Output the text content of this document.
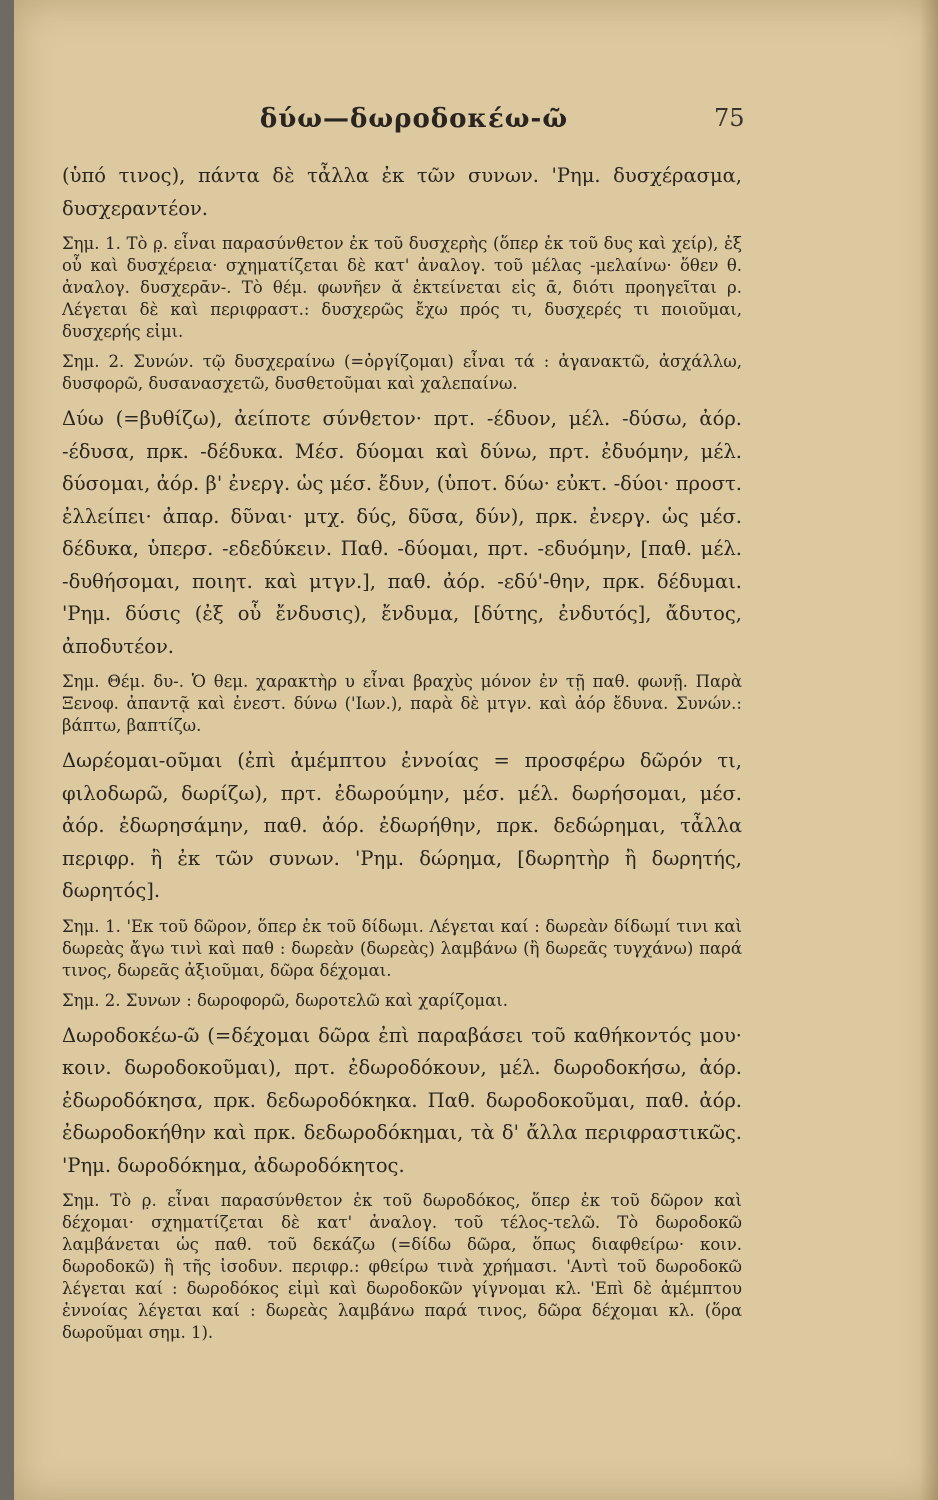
δύω—δωροδοκέω-ῶ	75

(ὑπό τινος), πάντα δὲ τἆλλα ἐκ τῶν συνων. 'Ρημ. δυσχέρασμα, δυσχεραντέον.

Σημ. 1. Τὸ ρ̣. εἶναι παρασύνθετον ἐκ τοῦ δυσχερὴς (ὅπερ ἐκ τοῦ δυς καὶ χείρ), ἐξ οὗ καὶ δυσχέρεια· σχηματίζεται δὲ κατ' ἀναλογ. τοῦ μέλας -μελαίνω· ὅθεν θ. ἀναλογ. δυσχερᾱν-. Τὸ θέμ. φωνῆεν ᾰ ἐκτείνεται εἰς ᾱ, διότι προηγεῖται ρ. Λέγεται δὲ καὶ περιφραστ.: δυσχερῶς ἔχω πρός τι, δυσχερές τι ποιοῦμαι, δυσχερής εἰμι.

Σημ. 2. Συνών. τῷ δυσχεραίνω (=ὀργίζομαι) εἶναι τά : ἀγανακτῶ, ἀσχάλλω, δυσφορῶ, δυσανασχετῶ, δυσθετοῦμαι καὶ χαλεπαίνω.

Δύω (=βυθίζω), ἀείποτε σύνθετον· πρτ. -έδυον, μέλ. -δύσω, ἀόρ. -έδυσα, πρκ. -δέδυκα. Μέσ. δύομαι καὶ δύνω, πρτ. ἐδυόμην, μέλ. δύσομαι, ἀόρ. β' ἐνεργ. ὡς μέσ. ἔδυν, (ὑποτ. δύω· εὐκτ. -δύοι· προστ. ἐλλείπει· ἀπαρ. δῦναι· μτχ. δύς, δῦσα, δύν), πρκ. ἐνεργ. ὡς μέσ. δέδυκα, ὑπερσ. -εδεδύκειν. Παθ. -δύομαι, πρτ. -εδυόμην, [παθ. μέλ. -δυθήσομαι, ποιητ. καὶ μτγν.], παθ. ἀόρ. -εδύ'-θην, πρκ. δέδυμαι. 'Ρημ. δύσις (ἐξ οὗ ἔνδυσις), ἔνδυμα, [δύτης, ἐνδυτός], ἄδυτος, ἀποδυτέον.

Σημ. Θέμ. δυ-. Ὁ θεμ. χαρακτὴρ υ εἶναι βραχὺς μόνον ἐν τῇ παθ. φωνῇ. Παρὰ Ξενοφ. ἀπαντᾷ καὶ ἐνεστ. δύνω ('Ιων.), παρὰ δὲ μτγν. καὶ ἀόρ ἔδυνα. Συνών.: βάπτω, βαπτίζω.

Δωρέομαι-οῦμαι (ἐπὶ ἀμέμπτου ἐννοίας = προσφέρω δῶρόν τι, φιλοδωρῶ, δωρίζω), πρτ. ἐδωρούμην, μέσ. μέλ. δωρήσομαι, μέσ. ἀόρ. ἐδωρησάμην, παθ. ἀόρ. ἐδωρήθην, πρκ. δεδώρημαι, τἆλλα περιφρ. ἢ ἐκ τῶν συνων. 'Ρημ. δώρημα, [δωρητὴρ ἢ δωρητής, δωρητός].

Σημ. 1. 'Εκ τοῦ δῶρον, ὅπερ ἐκ τοῦ δίδωμι. Λέγεται καί : δωρεὰν δίδωμί τινι καὶ δωρεὰς ἄγω τινὶ καὶ παθ : δωρεὰν (δωρεὰς) λαμβάνω (ἢ δωρεᾶς τυγχάνω) παρά τινος, δωρεᾶς ἀξιοῦμαι, δῶρα δέχομαι.

Σημ. 2. Συνων : δωροφορῶ, δωροτελῶ καὶ χαρίζομαι.

Δωροδοκέω-ῶ (=δέχομαι δῶρα ἐπὶ παραβάσει τοῦ καθήκοντός μου· κοιν. δωροδοκοῦμαι), πρτ. ἐδωροδόκουν, μέλ. δωροδοκήσω, ἀόρ. ἐδωροδόκησα, πρκ. δεδωροδόκηκα. Παθ. δωροδοκοῦμαι, παθ. ἀόρ. ἐδωροδοκήθην καὶ πρκ. δεδωροδόκημαι, τὰ δ' ἄλλα περιφραστικῶς. 'Ρημ. δωροδόκημα, ἀδωροδόκητος.

Σημ. Τὸ ρ̣. εἶναι παρασύνθετον ἐκ τοῦ δωροδόκος, ὅπερ ἐκ τοῦ δῶρον καὶ δέχομαι· σχηματίζεται δὲ κατ' ἀναλογ. τοῦ τέλος-τελῶ. Τὸ δωροδοκῶ λαμβάνεται ὡς παθ. τοῦ δεκάζω (=δίδω δῶρα, ὅπως διαφθείρω· κοιν. δωροδοκῶ) ἢ τῆς ἰσοδυν. περιφρ.: φθείρω τινὰ χρήμασι. 'Αντὶ τοῦ δωροδοκῶ λέγεται καί : δωροδόκος εἰμὶ καὶ δωροδοκῶν γίγνομαι κλ. 'Επὶ δὲ ἀμέμπτου ἐννοίας λέγεται καί : δωρεὰς λαμβάνω παρά τινος, δῶρα δέχομαι κλ. (ὅρα δωροῦμαι σημ. 1).
